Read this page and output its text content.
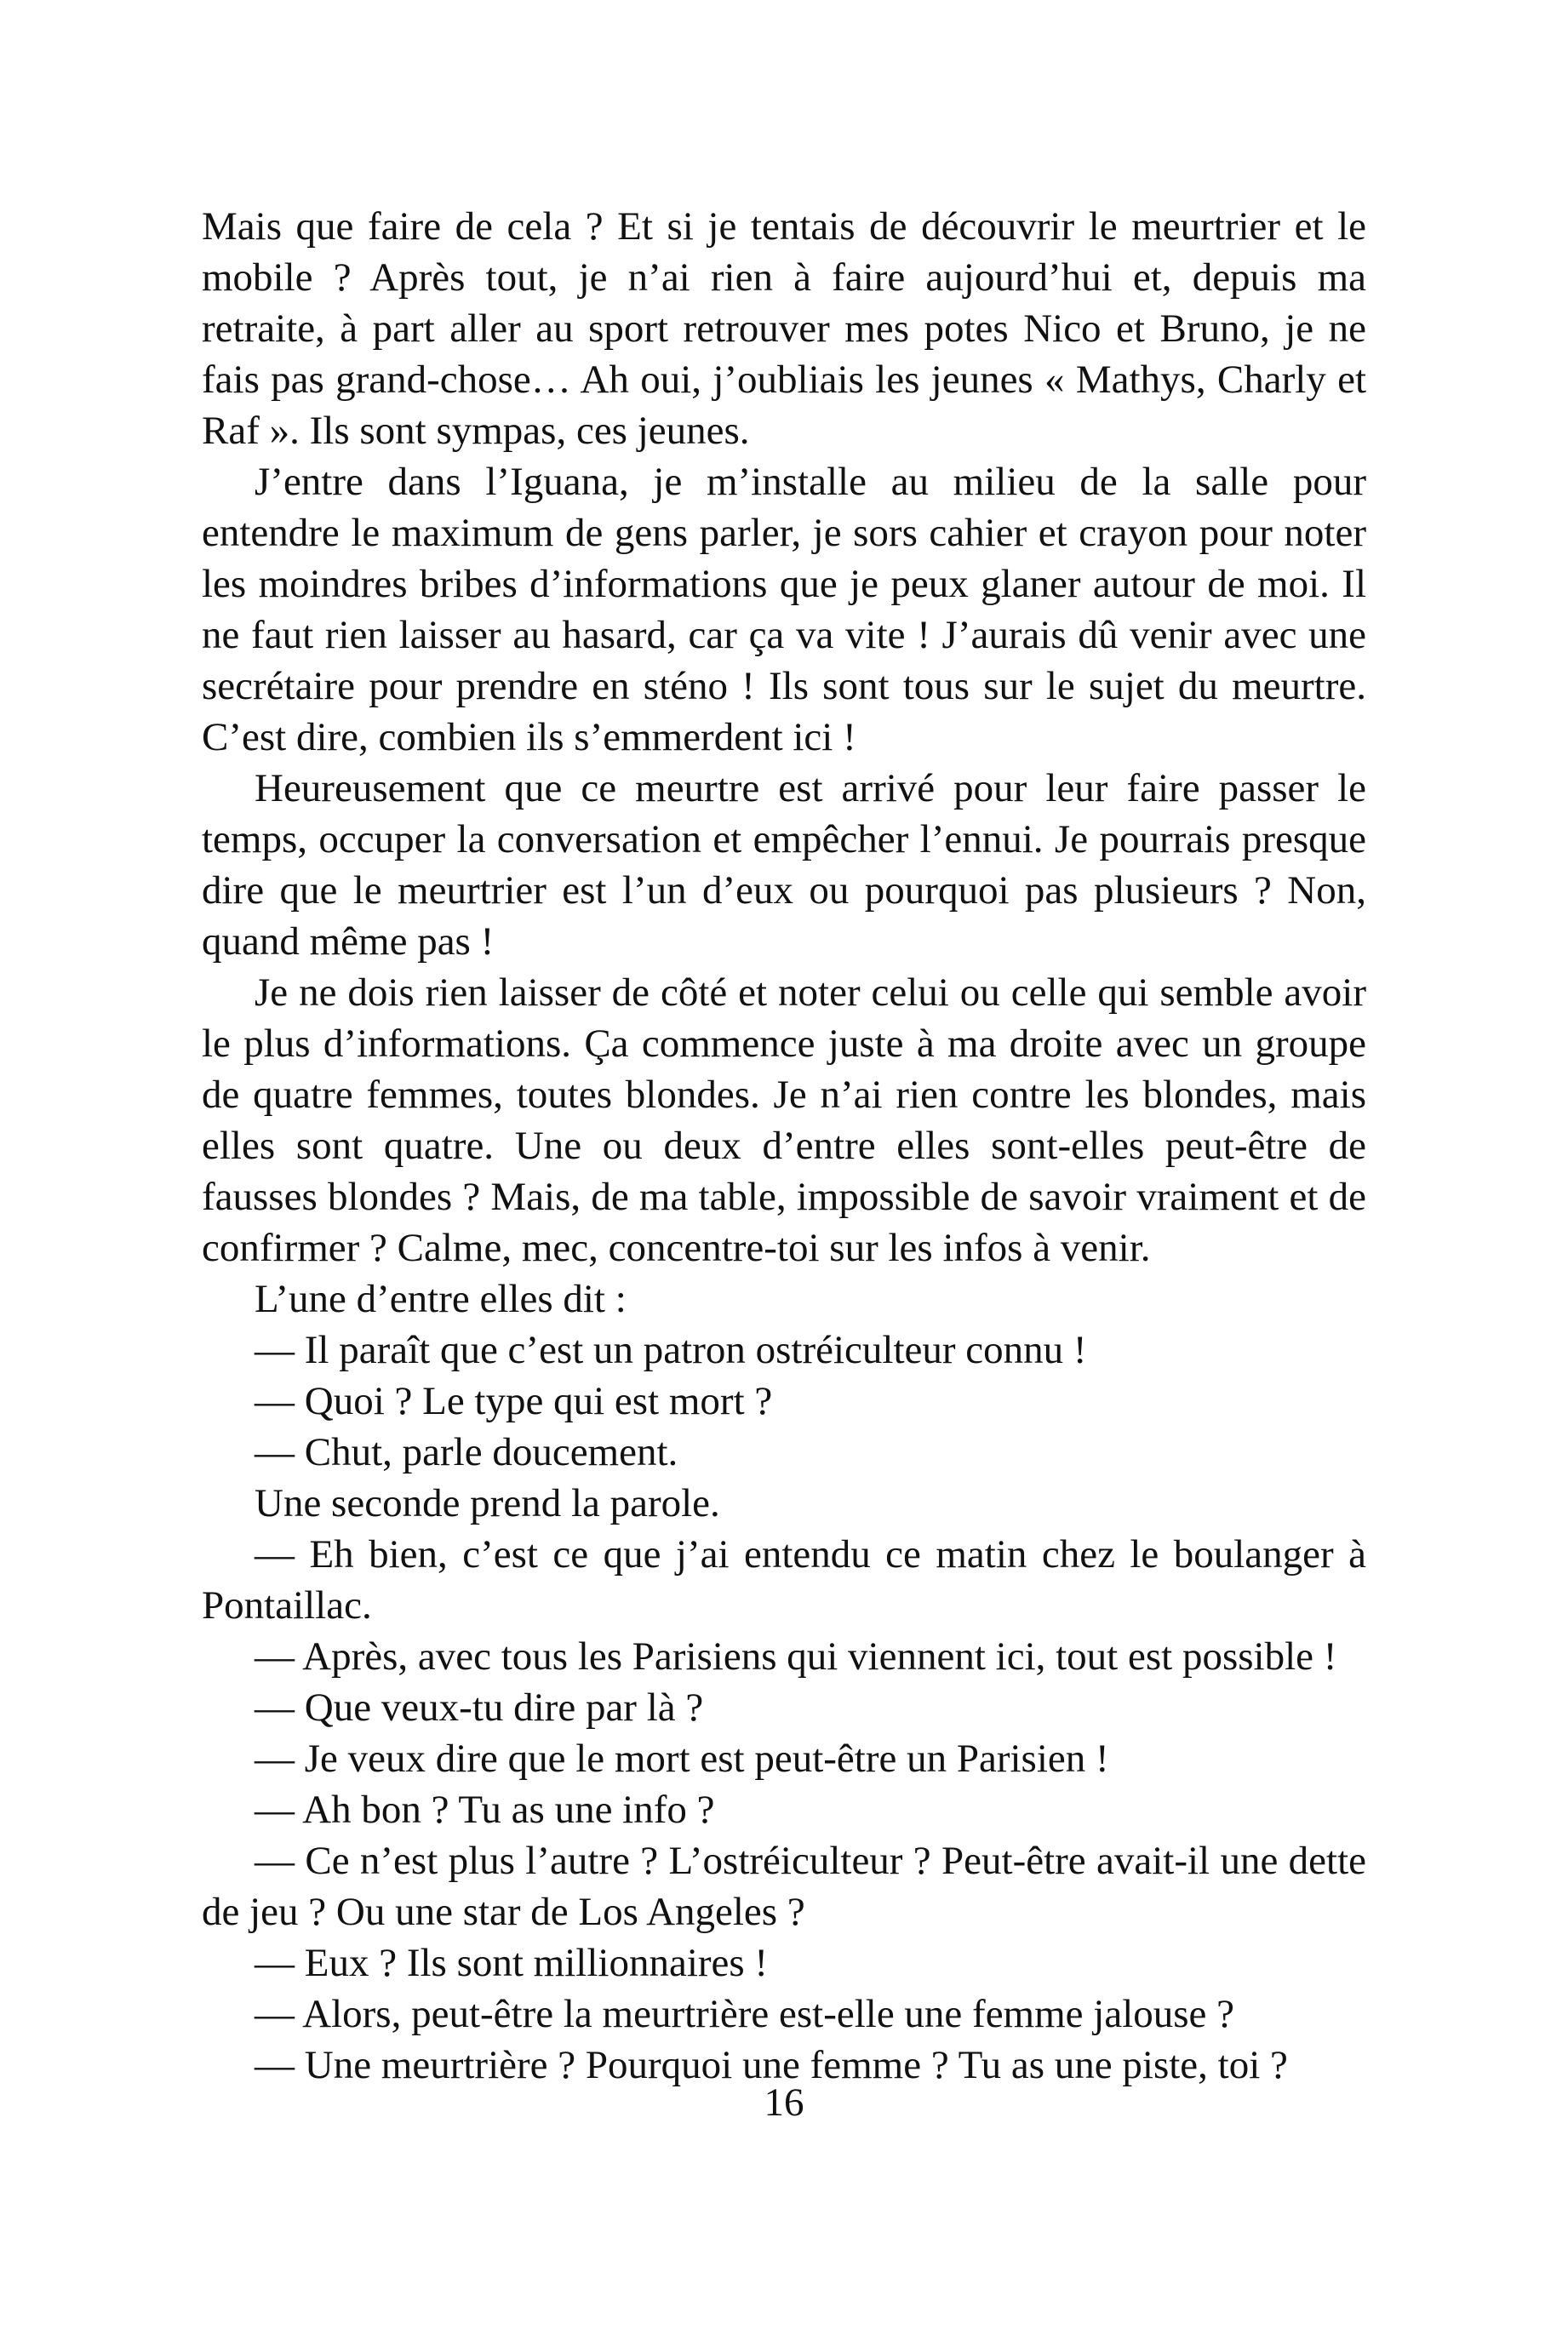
Mais que faire de cela ? Et si je tentais de découvrir le meurtrier et le mobile ? Après tout, je n’ai rien à faire aujourd’hui et, depuis ma retraite, à part aller au sport retrouver mes potes Nico et Bruno, je ne fais pas grand-chose… Ah oui, j’oubliais les jeunes « Mathys, Charly et Raf ». Ils sont sympas, ces jeunes.

J’entre dans l’Iguana, je m’installe au milieu de la salle pour entendre le maximum de gens parler, je sors cahier et crayon pour noter les moindres bribes d’informations que je peux glaner autour de moi. Il ne faut rien laisser au hasard, car ça va vite ! J’aurais dû venir avec une secrétaire pour prendre en sténo ! Ils sont tous sur le sujet du meurtre. C’est dire, combien ils s’emmerdent ici !

Heureusement que ce meurtre est arrivé pour leur faire passer le temps, occuper la conversation et empêcher l’ennui. Je pourrais presque dire que le meurtrier est l’un d’eux ou pourquoi pas plusieurs ? Non, quand même pas !

Je ne dois rien laisser de côté et noter celui ou celle qui semble avoir le plus d’informations. Ça commence juste à ma droite avec un groupe de quatre femmes, toutes blondes. Je n’ai rien contre les blondes, mais elles sont quatre. Une ou deux d’entre elles sont-elles peut-être de fausses blondes ? Mais, de ma table, impossible de savoir vraiment et de confirmer ? Calme, mec, concentre-toi sur les infos à venir.

L’une d’entre elles dit :

— Il paraît que c’est un patron ostréiculteur connu !

— Quoi ? Le type qui est mort ?

— Chut, parle doucement.

Une seconde prend la parole.

— Eh bien, c’est ce que j’ai entendu ce matin chez le boulanger à Pontaillac.

— Après, avec tous les Parisiens qui viennent ici, tout est possible !

— Que veux-tu dire par là ?

— Je veux dire que le mort est peut-être un Parisien !

— Ah bon ? Tu as une info ?

— Ce n’est plus l’autre ? L’ostréiculteur ? Peut-être avait-il une dette de jeu ? Ou une star de Los Angeles ?

— Eux ? Ils sont millionnaires !

— Alors, peut-être la meurtrière est-elle une femme jalouse ?

— Une meurtrière ? Pourquoi une femme ? Tu as une piste, toi ?

16
